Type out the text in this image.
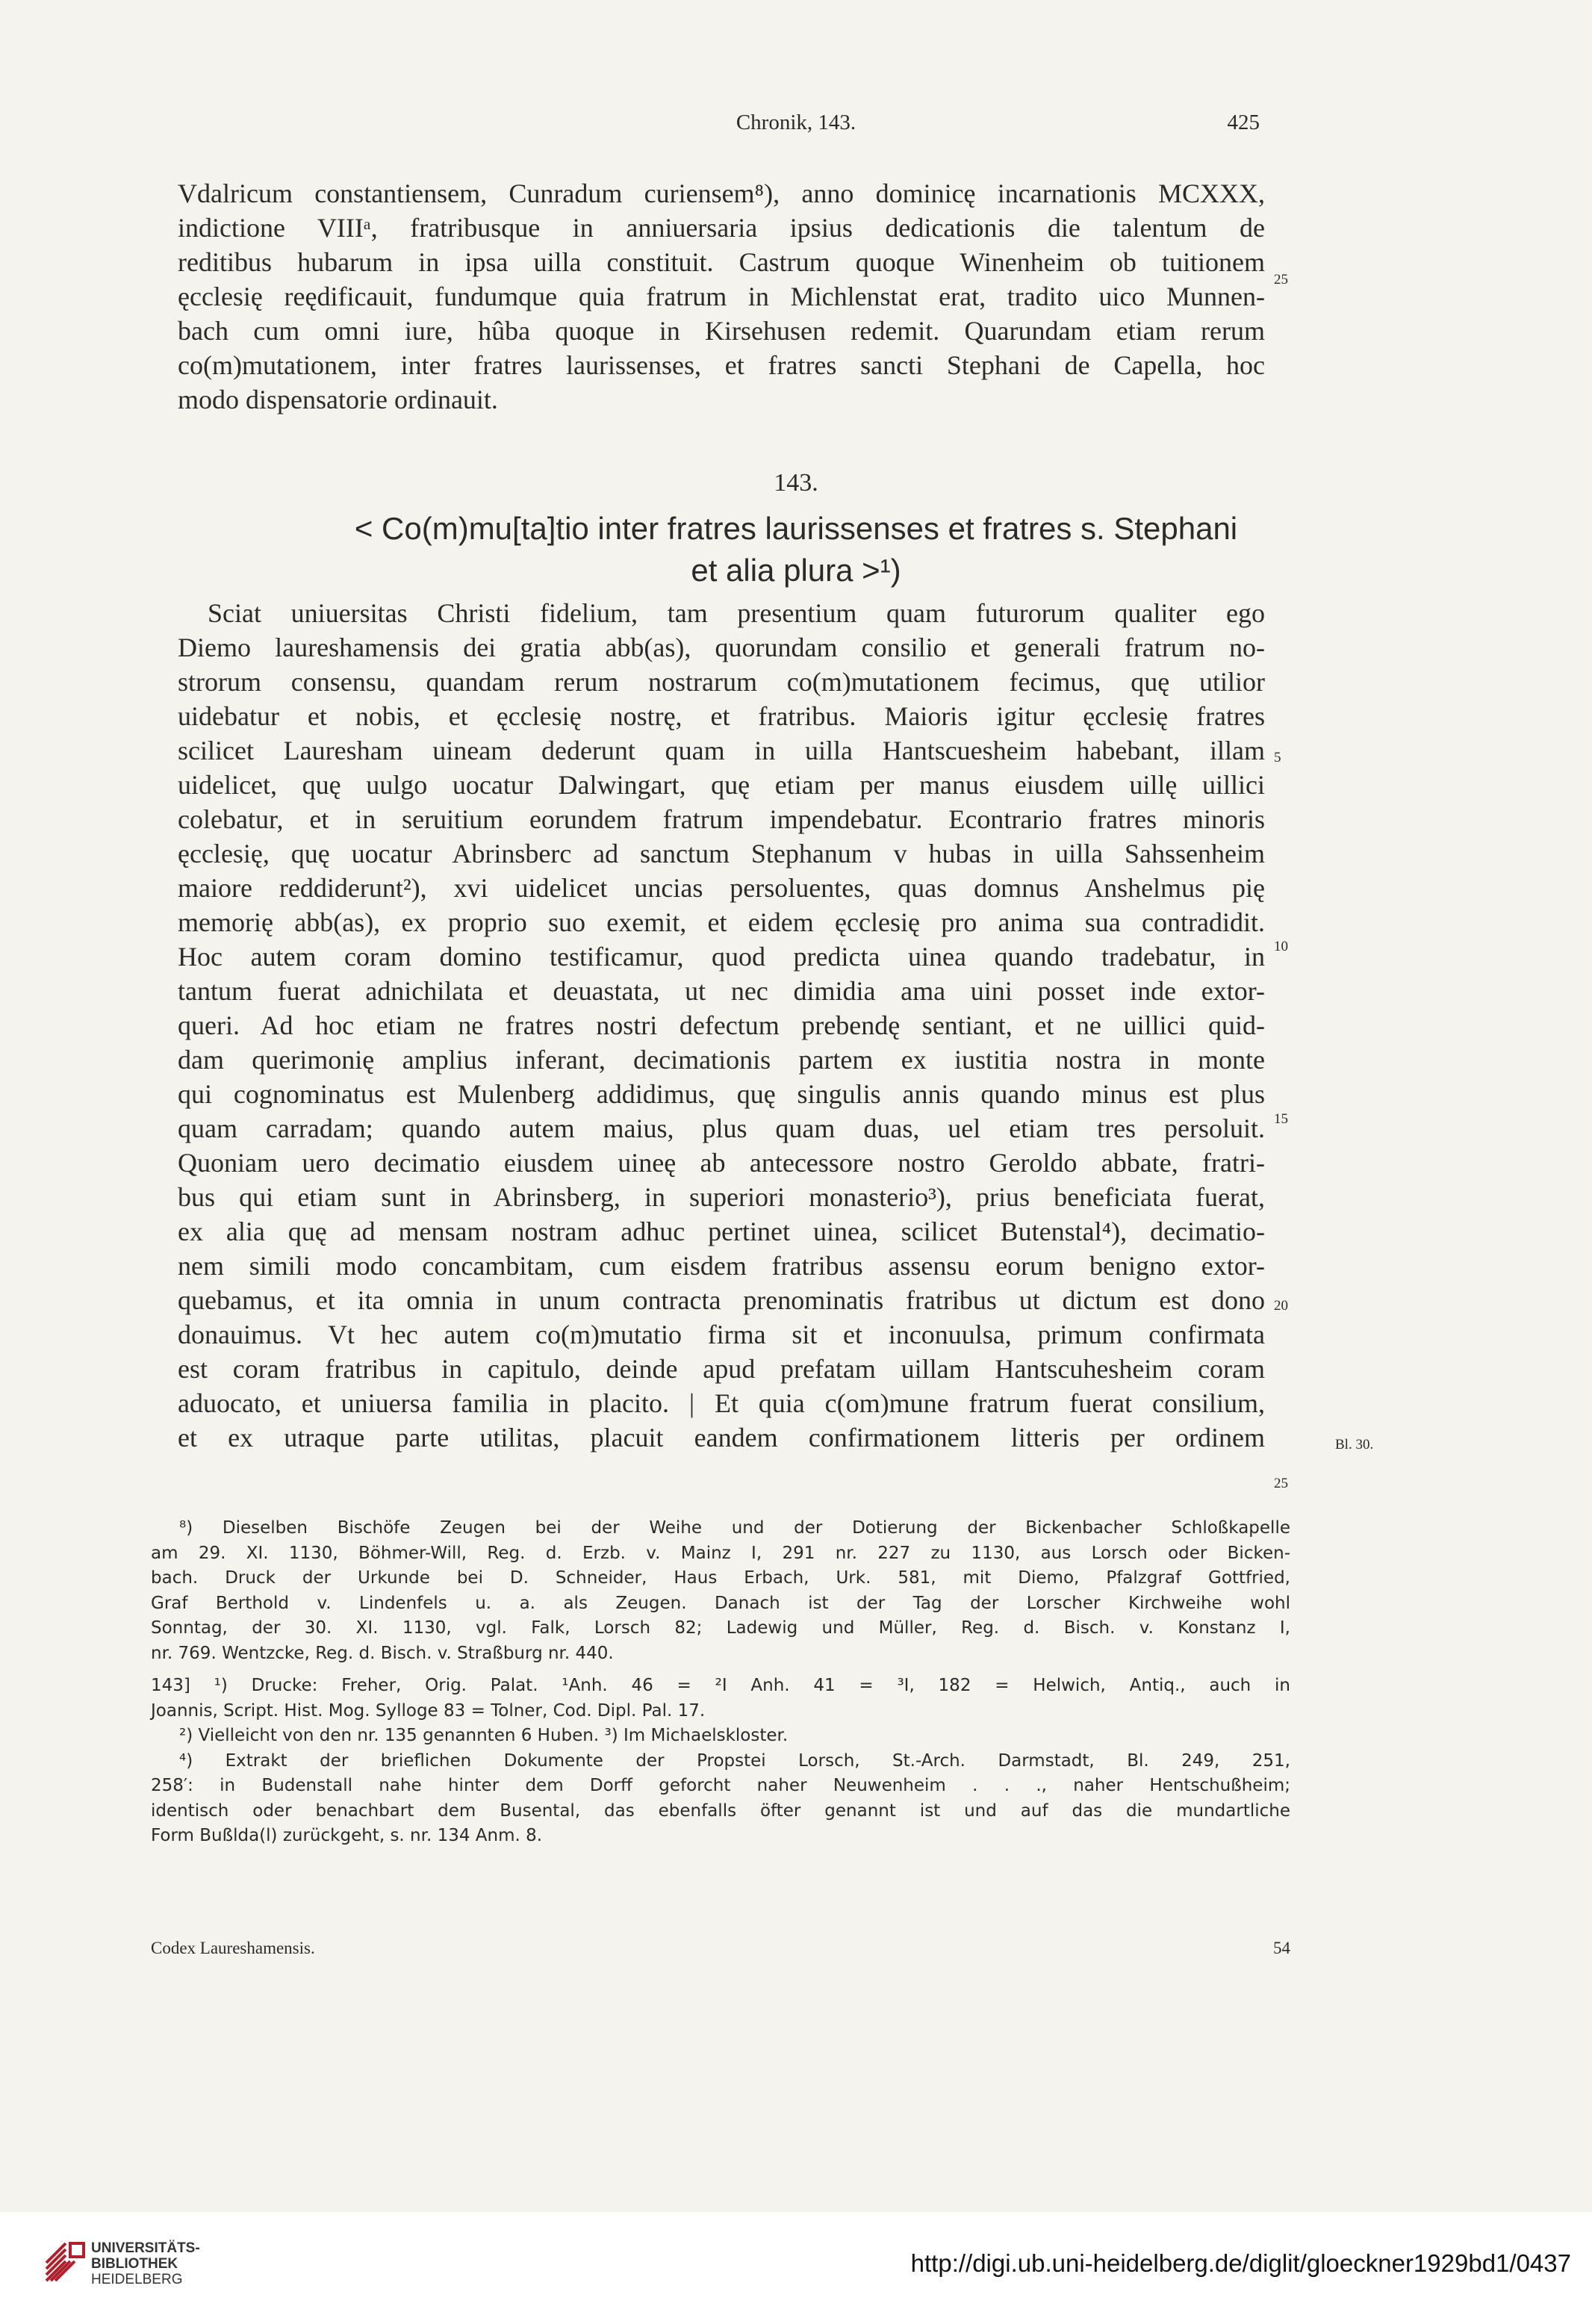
Chronik, 143.	425
Vdalricum constantiensem, Cunradum curiensem⁸), anno dominicę incarnationis MCXXX,
indictione VIIIᵃ, fratribusque in anniuersaria ipsius dedicationis die talentum de
reditibus hubarum in ipsa uilla constituit. Castrum quoque Winenheim ob tuitionem
ęcclesię reędificauit, fundumque quia fratrum in Michlenstat erat, tradito uico Munnen-
bach cum omni iure, hûba quoque in Kirsehusen redemit. Quarundam etiam rerum
co(m)mutationem, inter fratres laurissenses, et fratres sancti Stephani de Capella, hoc
modo dispensatorie ordinauit.
25
143.
< Co(m)mu[ta]tio inter fratres laurissenses et fratres s. Stephani
et alia plura >¹)
Sciat uniuersitas Christi fidelium, tam presentium quam futurorum qualiter ego
Diemo laureshamensis dei gratia abb(as), quorundam consilio et generali fratrum no-
strorum consensu, quandam rerum nostrarum co(m)mutationem fecimus, quę utilior
uidebatur et nobis, et ęcclesię nostrę, et fratribus. Maioris igitur ęcclesię fratres
scilicet Lauresham uineam dederunt quam in uilla Hantscuesheim habebant, illam
uidelicet, quę uulgo uocatur Dalwingart, quę etiam per manus eiusdem uillę uillici
colebatur, et in seruitium eorundem fratrum impendebatur. Econtrario fratres minoris
ęcclesię, quę uocatur Abrinsberc ad sanctum Stephanum v hubas in uilla Sahssenheim
maiore reddiderunt²), xvi uidelicet uncias persoluentes, quas domnus Anshelmus pię
memorię abb(as), ex proprio suo exemit, et eidem ęcclesię pro anima sua contradidit.
Hoc autem coram domino testificamur, quod predicta uinea quando tradebatur, in
tantum fuerat adnichilata et deuastata, ut nec dimidia ama uini posset inde extor-
queri. Ad hoc etiam ne fratres nostri defectum prebendę sentiant, et ne uillici quid-
dam querimonię amplius inferant, decimationis partem ex iustitia nostra in monte
qui cognominatus est Mulenberg addidimus, quę singulis annis quando minus est plus
quam carradam; quando autem maius, plus quam duas, uel etiam tres persoluit.
Quoniam uero decimatio eiusdem uineę ab antecessore nostro Geroldo abbate, fratri-
bus qui etiam sunt in Abrinsberg, in superiori monasterio³), prius beneficiata fuerat,
ex alia quę ad mensam nostram adhuc pertinet uinea, scilicet Butenstal⁴), decimatio-
nem simili modo concambitam, cum eisdem fratribus assensu eorum benigno extor-
quebamus, et ita omnia in unum contracta prenominatis fratribus ut dictum est dono
donauimus. Vt hec autem co(m)mutatio firma sit et inconuulsa, primum confirmata
est coram fratribus in capitulo, deinde apud prefatam uillam Hantscuhesheim coram
aduocato, et uniuersa familia in placito. | Et quia c(om)mune fratrum fuerat consilium,
et ex utraque parte utilitas, placuit eandem confirmationem litteris per ordinem
5
10
15
20
Bl. 30.
25
⁸) Dieselben Bischöfe Zeugen bei der Weihe und der Dotierung der Bickenbacher Schloßkapelle
am 29. XI. 1130, Böhmer-Will, Reg. d. Erzb. v. Mainz I, 291 nr. 227 zu 1130, aus Lorsch oder Bicken-
bach. Druck der Urkunde bei D. Schneider, Haus Erbach, Urk. 581, mit Diemo, Pfalzgraf Gottfried,
Graf Berthold v. Lindenfels u. a. als Zeugen. Danach ist der Tag der Lorscher Kirchweihe wohl
Sonntag, der 30. XI. 1130, vgl. Falk, Lorsch 82; Ladewig und Müller, Reg. d. Bisch. v. Konstanz I,
nr. 769. Wentzcke, Reg. d. Bisch. v. Straßburg nr. 440.
143] ¹) Drucke: Freher, Orig. Palat. ¹Anh. 46 = ²I Anh. 41 = ³I, 182 = Helwich, Antiq., auch in
Joannis, Script. Hist. Mog. Sylloge 83 = Tolner, Cod. Dipl. Pal. 17.
²) Vielleicht von den nr. 135 genannten 6 Huben. ³) Im Michaelskloster.
⁴) Extrakt der brieflichen Dokumente der Propstei Lorsch, St.-Arch. Darmstadt, Bl. 249, 251,
258′: in Budenstall nahe hinter dem Dorff geforcht naher Neuwenheim . . ., naher Hentschußheim;
identisch oder benachbart dem Busental, das ebenfalls öfter genannt ist und auf das die mundartliche
Form Bußlda(l) zurückgeht, s. nr. 134 Anm. 8.
Codex Laureshamensis.	54
UNIVERSITÄTS-
BIBLIOTHEK
HEIDELBERG
http://digi.ub.uni-heidelberg.de/diglit/gloeckner1929bd1/0437
